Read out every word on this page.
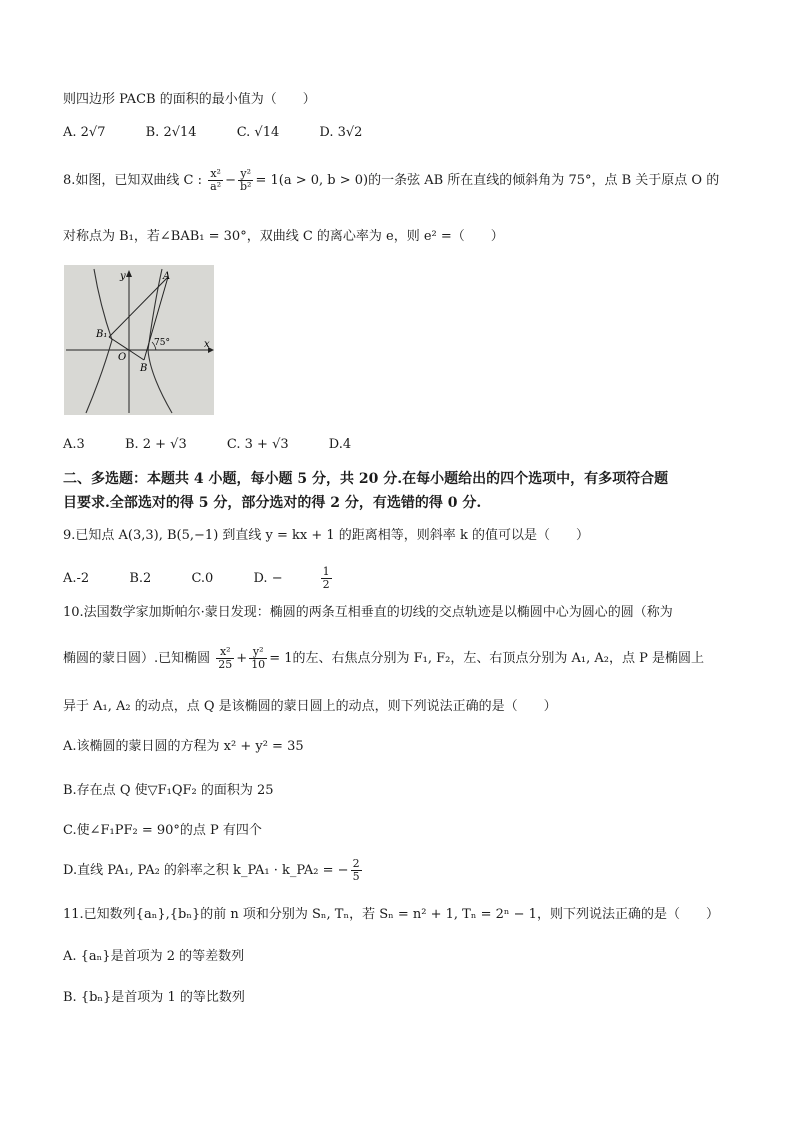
则四边形 PACB 的面积的最小值为（　　）
A. 2√7	B. 2√14	C. √14	D. 3√2
8.如图，已知双曲线 C : $\frac{\text{x²}}{\text{a²}} - \frac{\text{y²}}{\text{b²}} = 1(a > 0$, b > 0)的一条弦 AB 所在直线的倾斜角为 75°，点 B 关于原点 O 的
对称点为 B₁，若∠BAB₁ = 30°，双曲线 C 的离心率为 e，则 e² =（　　）
y	A
B₁
O
75°	x
B
A.3	B. 2 + √3	C. 3 + √3	D.4
二、多选题：本题共 4 小题，每小题 5 分，共 20 分.在每小题给出的四个选项中，有多项符合题
目要求.全部选对的得 5 分，部分选对的得 2 分，有选错的得 0 分.
9.已知点 A(3,3), B(5,−1) 到直线 y = kx + 1 的距离相等，则斜率 k 的值可以是（　　）
A.-2	B.2	C.0	D. −	$\frac{1}{2}$
10.法国数学家加斯帕尔·蒙日发现：椭圆的两条互相垂直的切线的交点轨迹是以椭圆中心为圆心的圆（称为
椭圆的蒙日圆）.已知椭圆 $\frac{\text{x²}}{25} + \frac{\text{y²}}{10} = 1$的左、右焦点分别为 F₁, F₂，左、右顶点分别为 A₁, A₂，点 P 是椭圆上
异于 A₁, A₂ 的动点，点 Q 是该椭圆的蒙日圆上的动点，则下列说法正确的是（　　）
A.该椭圆的蒙日圆的方程为 x² + y² = 35
B.存在点 Q 使▽F₁QF₂ 的面积为 25
C.使∠F₁PF₂ = 90°的点 P 有四个
D.直线 PA₁, PA₂ 的斜率之积 k_PA₁ · k_PA₂ = − $\frac{2}{5}$
11.已知数列{aₙ},{bₙ}的前 n 项和分别为 Sₙ, Tₙ，若 Sₙ = n² + 1, Tₙ = 2ⁿ − 1，则下列说法正确的是（　　）
A. {aₙ}是首项为 2 的等差数列
B. {bₙ}是首项为 1 的等比数列
